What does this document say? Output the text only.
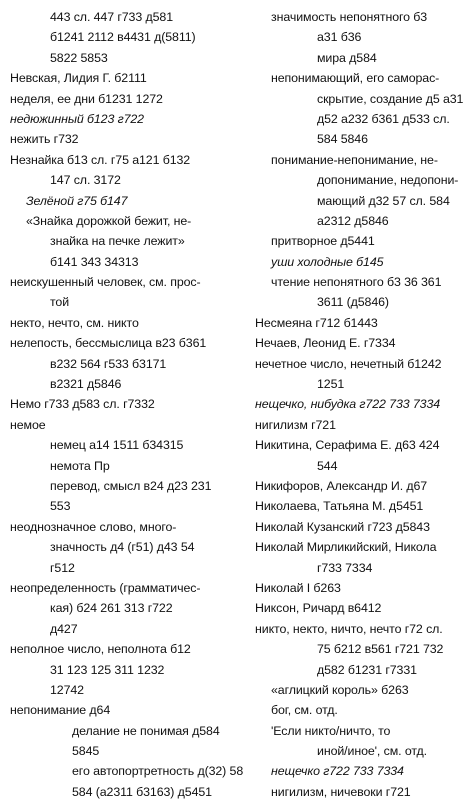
443 сл. 447 г733 д581
б1241 2112 в4431 д(5811)
5822 5853
Невская, Лидия Г. б2111
неделя, ее дни б1231 1272
недюжинный б123 г722
нежить г732
Незнайка б13 сл. г75 а121 б132
147 сл. 3172
Зелёной г75 б147
«Знайка дорожкой бежит, не-
знайка на печке лежит»
б141 343 34313
неискушенный человек, см. прос-
той
некто, нечто, см. никто
нелепость, бессмыслица в23 б361
в232 564 г533 б3171
в2321 д5846
Немо г733 д583 сл. г7332
немое
немец а14 1511 б34315
немота Пр
перевод, смысл в24 д23 231
553
неоднозначное слово, много-
значность д4 (г51) д43 54
г512
неопределенность (грамматичес-
кая) б24 261 313 г722
д427
неполное число, неполнота б12
31 123 125 311 1232
12742
непонимание д64
делание не понимая д584
5845
его автопортретность д(32) 58
584 (а2311 б3163) д5451
значимость непонятного б3
а31 б36
мира д584
непонимающий, его саморас-
скрытие, создание д5 а31
д52 а232 б361 д533 сл.
584 5846
понимание-непонимание, не-
допонимание, недопони-
мающий д32 57 сл. 584
а2312 д5846
притворное д5441
уши холодные б145
чтение непонятного б3 36 361
3611 (д5846)
Несмеяна г712 б1443
Нечаев, Леонид Е. г7334
нечетное число, нечетный б1242
1251
нещечко, нибудка г722 733 7334
нигилизм г721
Никитина, Серафима Е. д63 424
544
Никифоров, Александр И. д67
Николаева, Татьяна М. д5451
Николай Кузанский г723 д5843
Николай Мирликийский, Никола
г733 7334
Николай I б263
Никсон, Ричард в6412
никто, некто, ничто, нечто г72 сл.
75 б212 в561 г721 732
д582 б1231 г7331
«аглицкий король» б263
бог, см. отд.
'Если никто/ничто, то
иной/иное', см. отд.
нещечко г722 733 7334
нигилизм, ничевоки г721
